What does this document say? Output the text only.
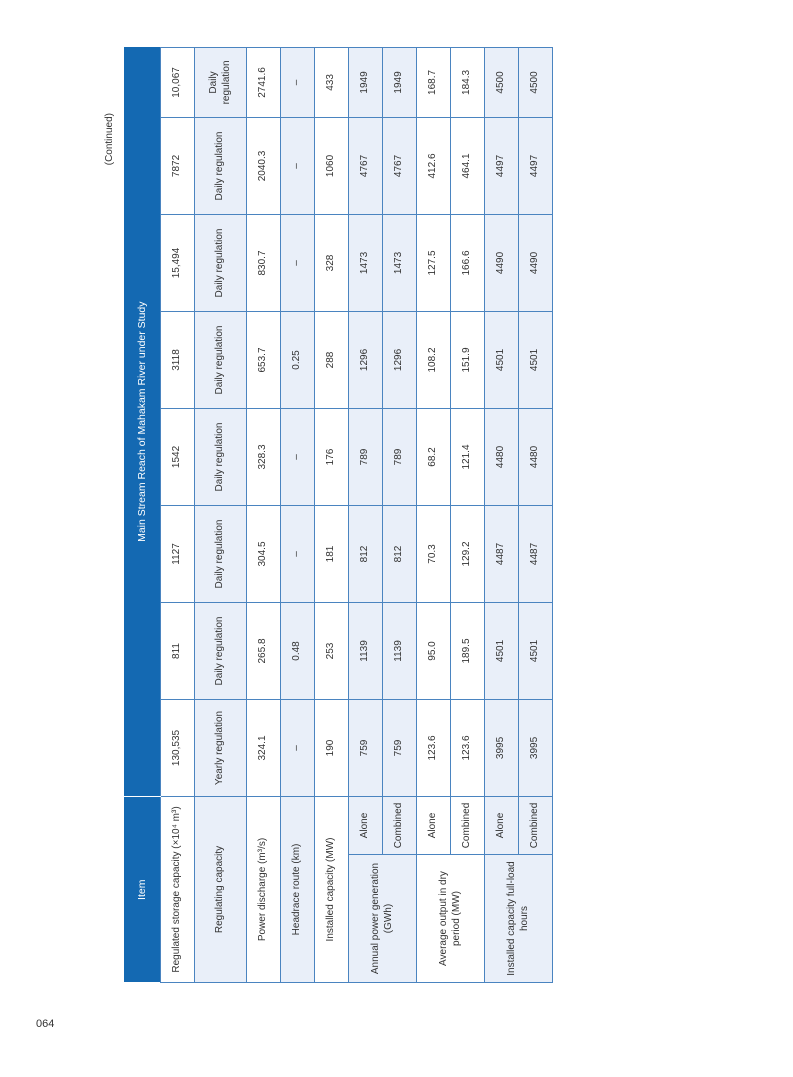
064
(Continued)
Item		Main Stream Reach of Mahakam River under Study							
Regulated storage capacity (×10⁴ m³)		130,535	811	1127	1542	3118	15,494	7872	10,067
Regulating capacity		Yearly regulation	Daily regulation	Daily regulation	Daily regulation	Daily regulation	Daily regulation	Daily regulation	Daily regulation
Power discharge (m³/s)		324.1	265.8	304.5	328.3	653.7	830.7	2040.3	2741.6
Headrace route (km)		–	0.48	–	–	0.25	–	–	–
Installed capacity (MW)		190	253	181	176	288	328	1060	433
Annual power generation (GWh)	Alone	759	1139	812	789	1296	1473	4767	1949
	Combined	759	1139	812	789	1296	1473	4767	1949
Average output in dry period (MW)	Alone	123.6	95.0	70.3	68.2	108.2	127.5	412.6	168.7
	Combined	123.6	189.5	129.2	121.4	151.9	166.6	464.1	184.3
Installed capacity full-load hours	Alone	3995	4501	4487	4480	4501	4490	4497	4500
	Combined	3995	4501	4487	4480	4501	4490	4497	4500
